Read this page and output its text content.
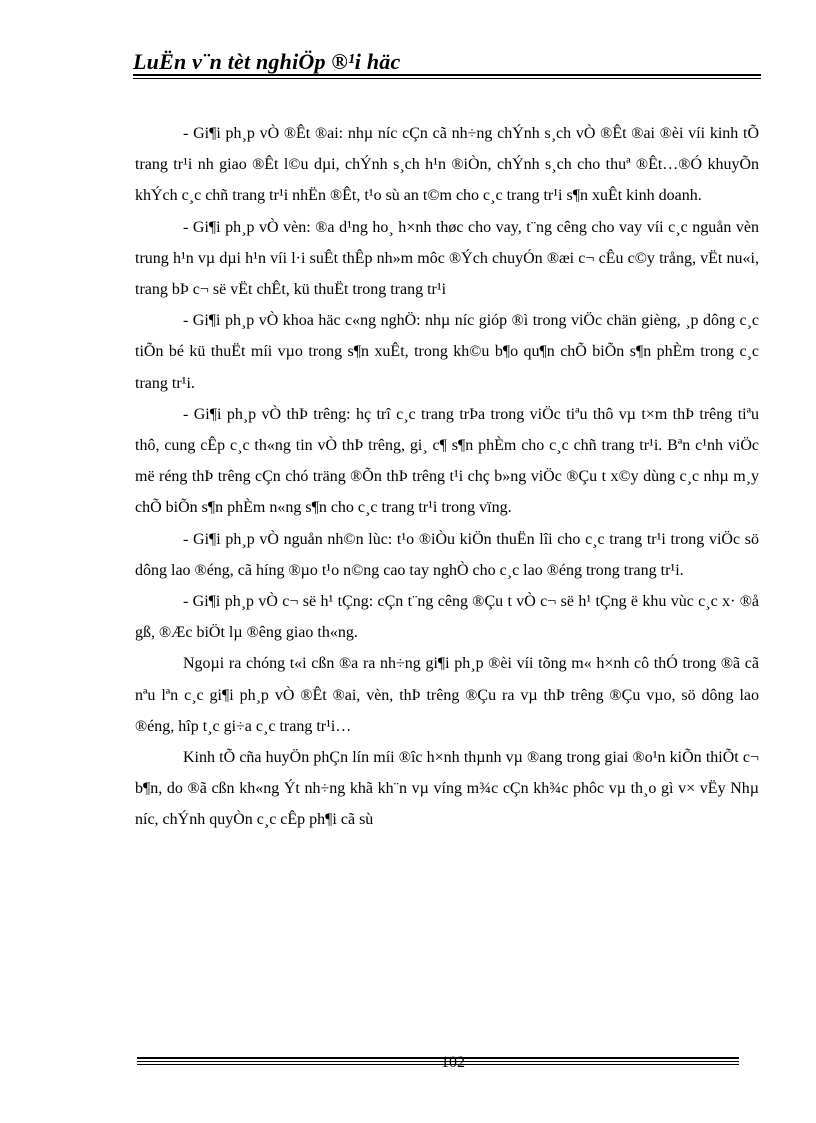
LuËn v¨n tèt nghiÖp ®¹i häc

- Gi¶i ph¸p vÒ ®Êt ®ai: nhµ níc cÇn cã nh÷ng chÝnh s¸ch vÒ ®Êt ®ai ®èi víi kinh tÕ trang tr¹i nh giao ®Êt l©u dµi, chÝnh s¸ch h¹n ®iÒn, chÝnh s¸ch cho thuª ®Êt…®Ó khuyÕn khÝch c¸c chñ trang tr¹i nhËn ®Êt, t¹o sù an t©m cho c¸c trang tr¹i s¶n xuÊt kinh doanh.

- Gi¶i ph¸p vÒ vèn: ®a d¹ng ho¸ h×nh thøc cho vay, t¨ng cêng cho vay víi c¸c nguån vèn trung h¹n vµ dµi h¹n víi l·i suÊt thÊp nh»m môc ®Ých chuyÓn ®æi c¬ cÊu c©y trång, vËt nu«i, trang bÞ c¬ së vËt chÊt, kü thuËt trong trang tr¹i

- Gi¶i ph¸p vÒ khoa häc c«ng nghÖ: nhµ níc gióp ®ì trong viÖc chän gièng, ¸p dông c¸c tiÕn bé kü thuËt míi vµo trong s¶n xuÊt, trong kh©u b¶o qu¶n chÕ biÕn s¶n phÈm trong c¸c trang tr¹i.

- Gi¶i ph¸p vÒ thÞ trêng: hç trî c¸c trang trÞa trong viÖc tiªu thô vµ t×m thÞ trêng tiªu thô, cung cÊp c¸c th«ng tin vÒ thÞ trêng, gi¸ c¶ s¶n phÈm cho c¸c chñ trang tr¹i. Bªn c¹nh viÖc më réng thÞ trêng cÇn chó träng ®Õn thÞ trêng t¹i chç b»ng viÖc ®Çu t x©y dùng c¸c nhµ m¸y chÕ biÕn s¶n phÈm n«ng s¶n cho c¸c trang tr¹i trong vïng.

- Gi¶i ph¸p vÒ nguån nh©n lùc: t¹o ®iÒu kiÖn thuËn lîi cho c¸c trang tr¹i trong viÖc sö dông lao ®éng, cã híng ®µo t¹o n©ng cao tay nghÒ cho c¸c lao ®éng trong trang tr¹i.

- Gi¶i ph¸p vÒ c¬ së h¹ tÇng: cÇn t¨ng cêng ®Çu t vÒ c¬ së h¹ tÇng ë khu vùc c¸c x· ®å gß, ®Æc biÖt lµ ®êng giao th«ng.

Ngoµi ra chóng t«i cßn ®a ra nh÷ng gi¶i ph¸p ®èi víi tõng m« h×nh cô thÓ trong ®ã cã nªu lªn c¸c gi¶i ph¸p vÒ ®Êt ®ai, vèn, thÞ trêng ®Çu ra vµ thÞ trêng ®Çu vµo, sö dông lao ®éng, hîp t¸c gi÷a c¸c trang tr¹i…

Kinh tÕ cña huyÖn phÇn lín míi ®îc h×nh thµnh vµ ®ang trong giai ®o¹n kiÕn thiÕt c¬ b¶n, do ®ã cßn kh«ng Ýt nh÷ng khã kh¨n vµ víng m¾c cÇn kh¾c phôc vµ th¸o gì v× vËy Nhµ níc, chÝnh quyÒn c¸c cÊp ph¶i cã sù

102
